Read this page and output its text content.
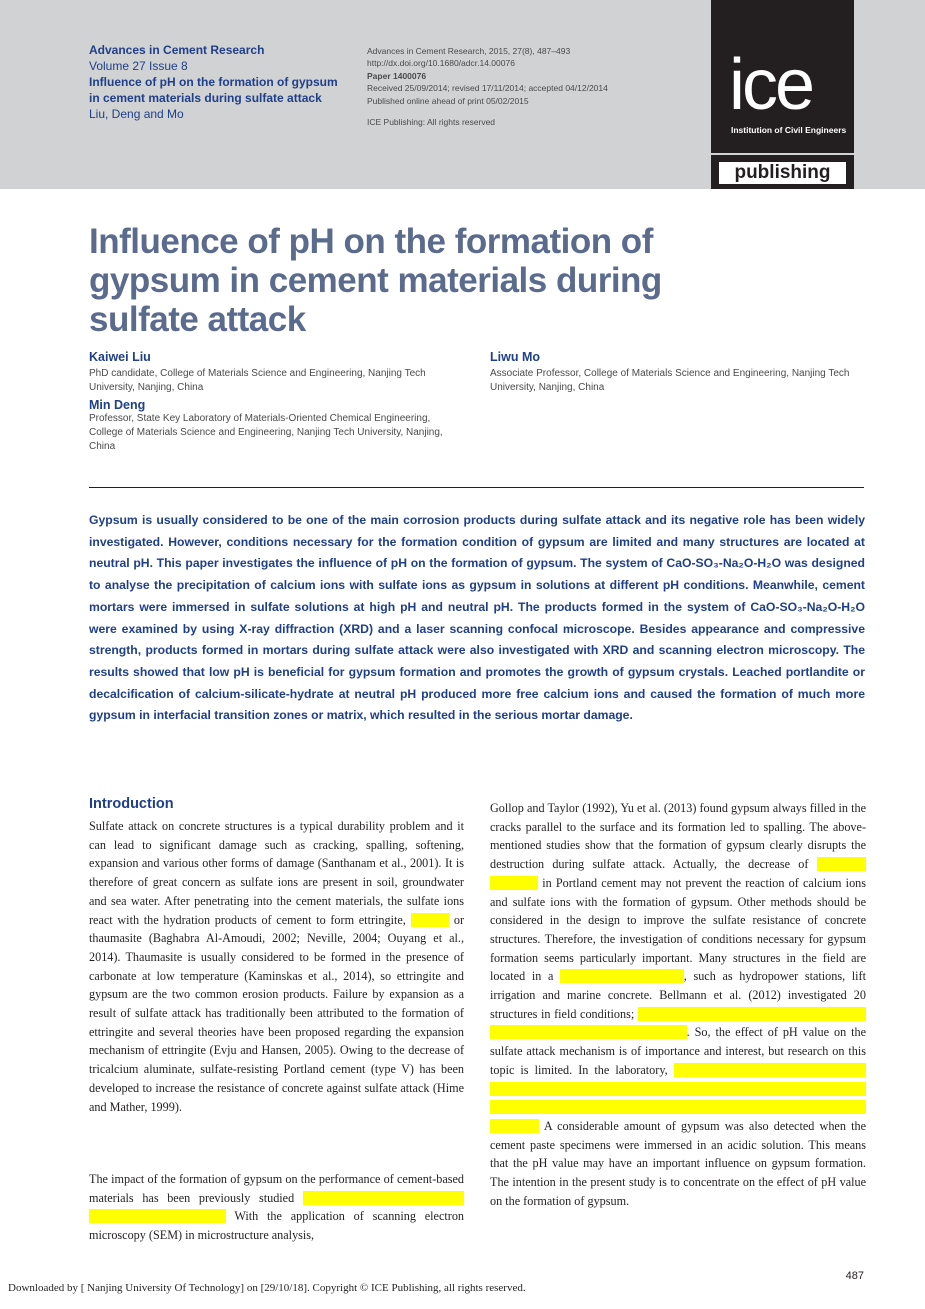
Advances in Cement Research
Volume 27 Issue 8
Influence of pH on the formation of gypsum
in cement materials during sulfate attack
Liu, Deng and Mo
Advances in Cement Research, 2015, 27(8), 487–493
http://dx.doi.org/10.1680/adcr.14.00076
Paper 1400076
Received 25/09/2014; revised 17/11/2014; accepted 04/12/2014
Published online ahead of print 05/02/2015
ICE Publishing: All rights reserved	ice
Institution of Civil Engineers
publishing
Influence of pH on the formation of gypsum in cement materials during sulfate attack
Kaiwei Liu
PhD candidate, College of Materials Science and Engineering, Nanjing Tech University, Nanjing, China
Min Deng
Professor, State Key Laboratory of Materials-Oriented Chemical Engineering, College of Materials Science and Engineering, Nanjing Tech University, Nanjing, China
Liwu Mo
Associate Professor, College of Materials Science and Engineering, Nanjing Tech University, Nanjing, China

Gypsum is usually considered to be one of the main corrosion products during sulfate attack and its negative role has been widely investigated. However, conditions necessary for the formation condition of gypsum are limited and many structures are located at neutral pH. This paper investigates the influence of pH on the formation of gypsum. The system of CaO-SO₃-Na₂O-H₂O was designed to analyse the precipitation of calcium ions with sulfate ions as gypsum in solutions at different pH conditions. Meanwhile, cement mortars were immersed in sulfate solutions at high pH and neutral pH. The products formed in the system of CaO-SO₃-Na₂O-H₂O were examined by using X-ray diffraction (XRD) and a laser scanning confocal microscope. Besides appearance and compressive strength, products formed in mortars during sulfate attack were also investigated with XRD and scanning electron microscopy. The results showed that low pH is beneficial for gypsum formation and promotes the growth of gypsum crystals. Leached portlandite or decalcification of calcium-silicate-hydrate at neutral pH produced more free calcium ions and caused the formation of much more gypsum in interfacial transition zones or matrix, which resulted in the serious mortar damage.

Introduction

Sulfate attack on concrete structures is a typical durability problem and it can lead to significant damage such as cracking, spalling, softening, expansion and various other forms of damage (Santhanam et al., 2001). It is therefore of great concern as sulfate ions are present in soil, groundwater and sea water. After penetrating into the cement materials, the sulfate ions react with the hydration products of cement to form ettringite, gypsum or thaumasite (Baghabra Al-Amoudi, 2002; Neville, 2004; Ouyang et al., 2014). Thaumasite is usually considered to be formed in the presence of carbonate at low temperature (Kaminskas et al., 2014), so ettringite and gypsum are the two common erosion products. Failure by expansion as a result of sulfate attack has traditionally been attributed to the formation of ettringite and several theories have been proposed regarding the expansion mechanism of ettringite (Evju and Hansen, 2005). Owing to the decrease of tricalcium aluminate, sulfate-resisting Portland cement (type V) has been developed to increase the resistance of concrete against sulfate attack (Hime and Mather, 1999).

The impact of the formation of gypsum on the performance of cement-based materials has been previously studied by many researchers such as Santhanam et al. (2003). With the application of scanning electron microscopy (SEM) in microstructure analysis,

Gollop and Taylor (1992), Yu et al. (2013) found gypsum always filled in the cracks parallel to the surface and its formation led to spalling. The above-mentioned studies show that the formation of gypsum clearly disrupts the destruction during sulfate attack. Actually, the decrease of tricalcium aluminate in Portland cement may not prevent the reaction of calcium ions and sulfate ions with the formation of gypsum. Other methods should be considered in the design to improve the sulfate resistance of concrete structures. Therefore, the investigation of conditions necessary for gypsum formation seems particularly important. Many structures in the field are located in a neutral pH environment, such as hydropower stations, lift irrigation and marine concrete. Bellmann et al. (2012) investigated 20 structures in field conditions; the pH values of the surrounding groundwater were between 6 and 8.5 in most cases. So, the effect of pH value on the sulfate attack mechanism is of importance and interest, but research on this topic is limited. In the laboratory, Gollop and Taylor (1992) found that gypsum formed in a band parallel to the surface at pH 7 when pastes were immersed in Na2SO4 solutions with controlled pH, which differed from that at pH 12. A considerable amount of gypsum was also detected when the cement paste specimens were immersed in an acidic solution. This means that the pH value may have an important influence on gypsum formation. The intention in the present study is to concentrate on the effect of pH value on the formation of gypsum.

487
Downloaded by [ Nanjing University Of Technology] on [29/10/18]. Copyright © ICE Publishing, all rights reserved.
